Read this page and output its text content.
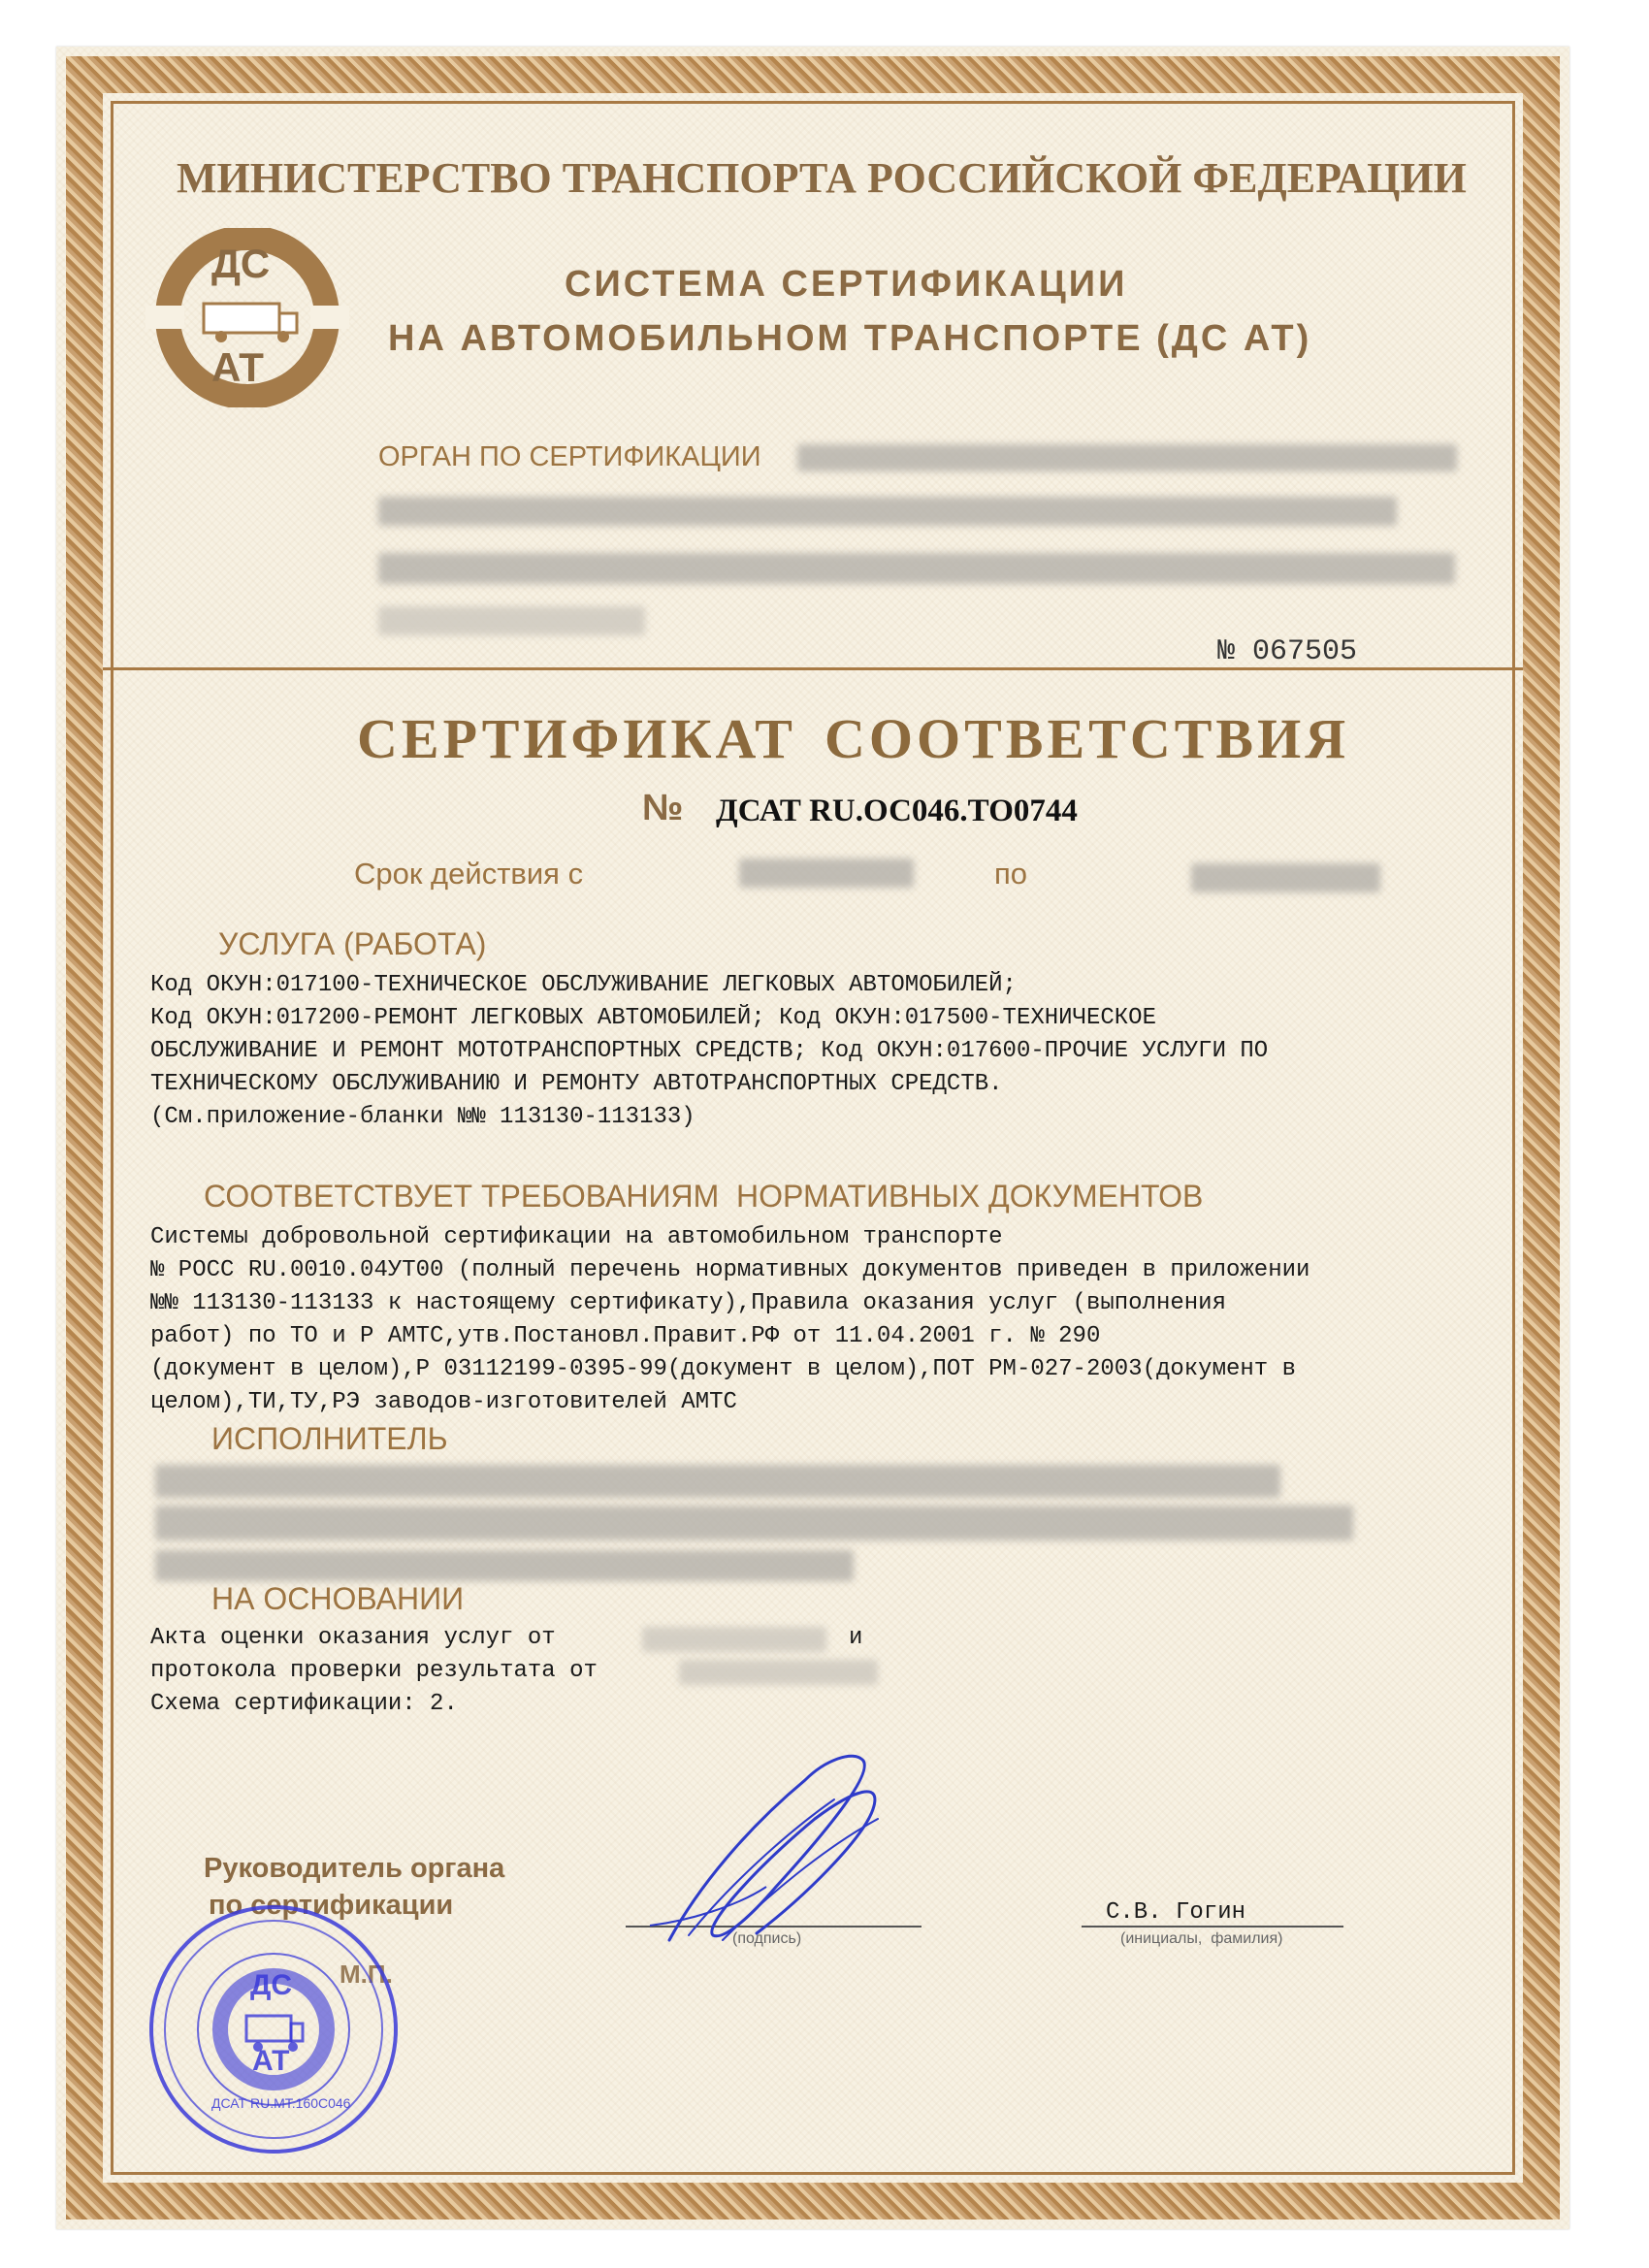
МИНИСТЕРСТВО ТРАНСПОРТА РОССИЙСКОЙ ФЕДЕРАЦИИ
ДС
АТ
СИСТЕМА СЕРТИФИКАЦИИ
НА АВТОМОБИЛЬНОМ ТРАНСПОРТЕ (ДС АТ)
ОРГАН ПО СЕРТИФИКАЦИИ
№ 067505
СЕРТИФИКАТ СООТВЕТСТВИЯ
№ ДСАТ RU.ОС046.ТО0744
Срок действия с	по
УСЛУГА (РАБОТА)
Код ОКУН:017100-ТЕХНИЧЕСКОЕ ОБСЛУЖИВАНИЕ ЛЕГКОВЫХ АВТОМОБИЛЕЙ;
Код ОКУН:017200-РЕМОНТ ЛЕГКОВЫХ АВТОМОБИЛЕЙ; Код ОКУН:017500-ТЕХНИЧЕСКОЕ
ОБСЛУЖИВАНИЕ И РЕМОНТ МОТОТРАНСПОРТНЫХ СРЕДСТВ; Код ОКУН:017600-ПРОЧИЕ УСЛУГИ ПО
ТЕХНИЧЕСКОМУ ОБСЛУЖИВАНИЮ И РЕМОНТУ АВТОТРАНСПОРТНЫХ СРЕДСТВ.
(См.приложение-бланки №№ 113130-113133)
СООТВЕТСТВУЕТ ТРЕБОВАНИЯМ  НОРМАТИВНЫХ ДОКУМЕНТОВ
Системы добровольной сертификации на автомобильном транспорте
№ РОСС RU.0010.04УТ00 (полный перечень нормативных документов приведен в приложении
№№ 113130-113133 к настоящему сертификату),Правила оказания услуг (выполнения
работ) по ТО и Р АМТС,утв.Постановл.Правит.РФ от 11.04.2001 г. № 290
(документ в целом),Р 03112199-0395-99(документ в целом),ПОТ РМ-027-2003(документ в
целом),ТИ,ТУ,РЭ заводов-изготовителей АМТС
ИСПОЛНИТЕЛЬ
НА ОСНОВАНИИ
Акта оценки оказания услуг от	и
протокола проверки результата от
Схема сертификации: 2.
Руководитель органа
по сертификации
(подпись)
С.В. Гогин
(инициалы,  фамилия)
М.П.
ДС
АТ
ДСАТ RU.МТ.160С046
